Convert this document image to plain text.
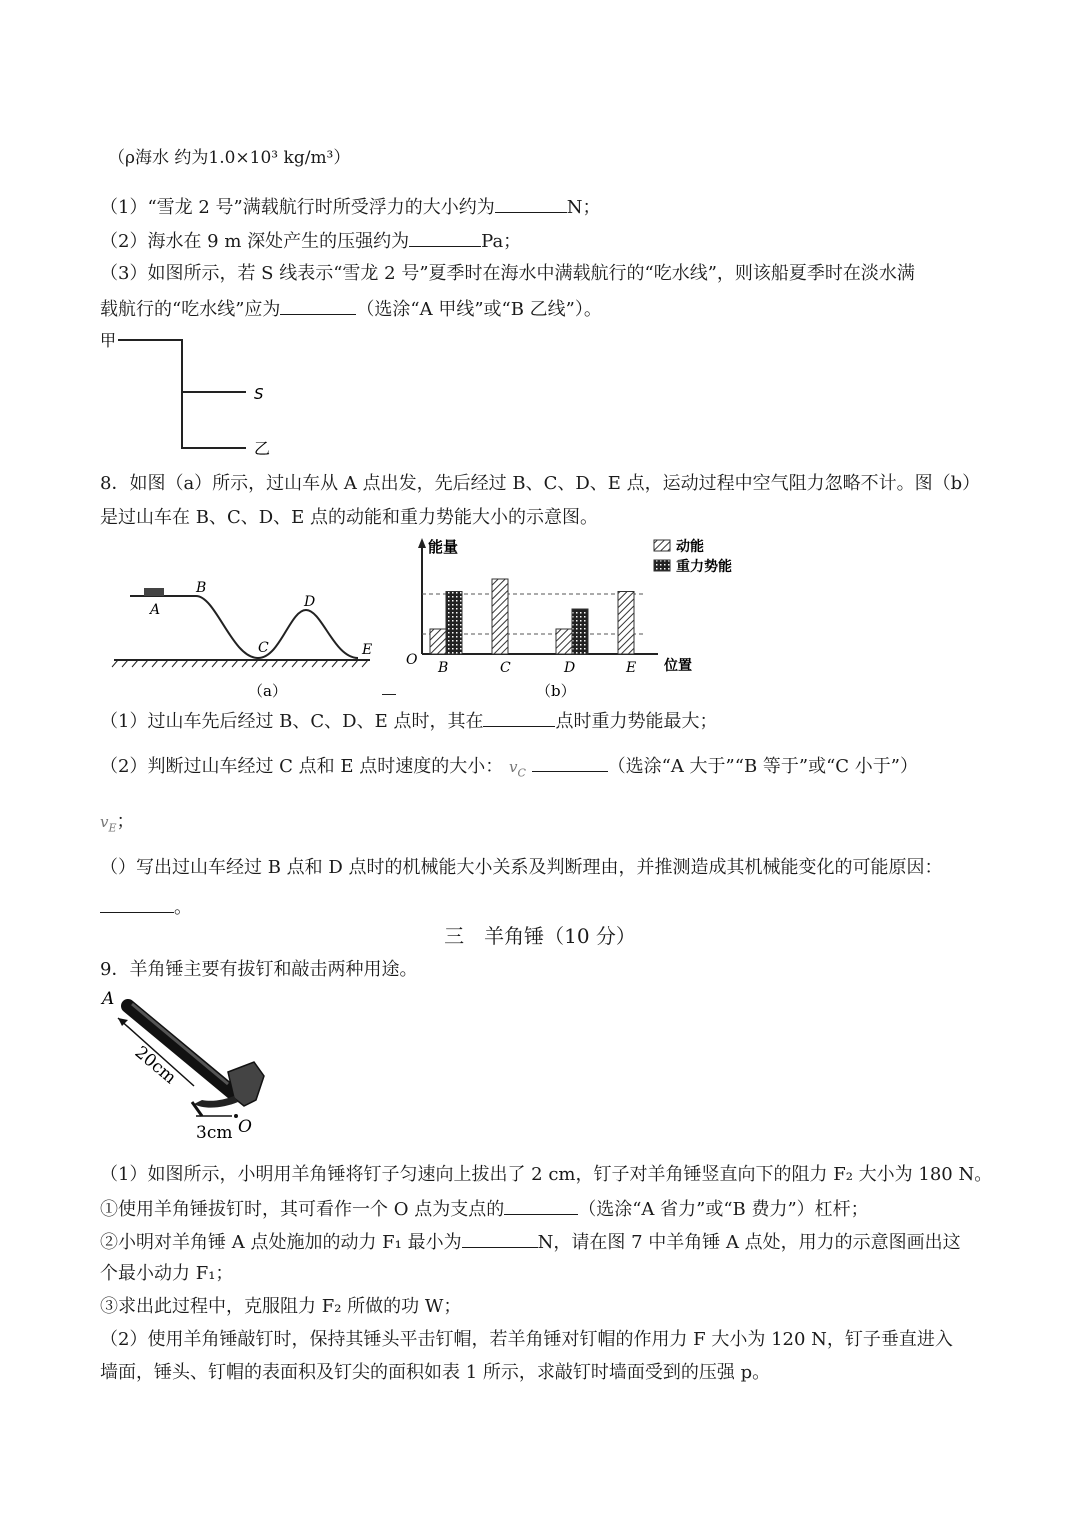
（ρ海水 约为1.0×10³ kg/m³）
（1）“雪龙 2 号”满载航行时所受浮力的大小约为	N；
（2）海水在 9 m 深处产生的压强约为	Pa；
（3）如图所示，若 S 线表示“雪龙 2 号”夏季时在海水中满载航行的“吃水线”，则该船夏季时在淡水满
载航行的“吃水线”应为	（选涂“A 甲线”或“B 乙线”）。
甲
S
乙
8．如图（a）所示，过山车从 A 点出发，先后经过 B、C、D、E 点，运动过程中空气阻力忽略不计。图（b）
是过山车在 B、C、D、E 点的动能和重力势能大小的示意图。
A
B
C
D
E
（a）
B	C	D	E
能量
位置
O
动能
重力势能
（b）
（1）过山车先后经过 B、C、D、E 点时，其在	点时重力势能最大；
（2）判断过山车经过 C 点和 E 点时速度的大小： $v_C$	（选涂“A 大于”“B 等于”或“C 小于”）
$v_E$；
（）写出过山车经过 B 点和 D 点时的机械能大小关系及判断理由，并推测造成其机械能变化的可能原因：
。
三　羊角锤（10 分）
9．羊角锤主要有拔钉和敲击两种用途。
A
20cm
3cm O
（1）如图所示，小明用羊角锤将钉子匀速向上拔出了 2 cm，钉子对羊角锤竖直向下的阻力 F₂ 大小为 180 N。
①使用羊角锤拔钉时，其可看作一个 O 点为支点的	（选涂“A 省力”或“B 费力”）杠杆；
②小明对羊角锤 A 点处施加的动力 F₁ 最小为	N，请在图 7 中羊角锤 A 点处，用力的示意图画出这
个最小动力 F₁；
③求出此过程中，克服阻力 F₂ 所做的功 W；
（2）使用羊角锤敲钉时，保持其锤头平击钉帽，若羊角锤对钉帽的作用力 F 大小为 120 N，钉子垂直进入
墙面，锤头、钉帽的表面积及钉尖的面积如表 1 所示，求敲钉时墙面受到的压强 p。
